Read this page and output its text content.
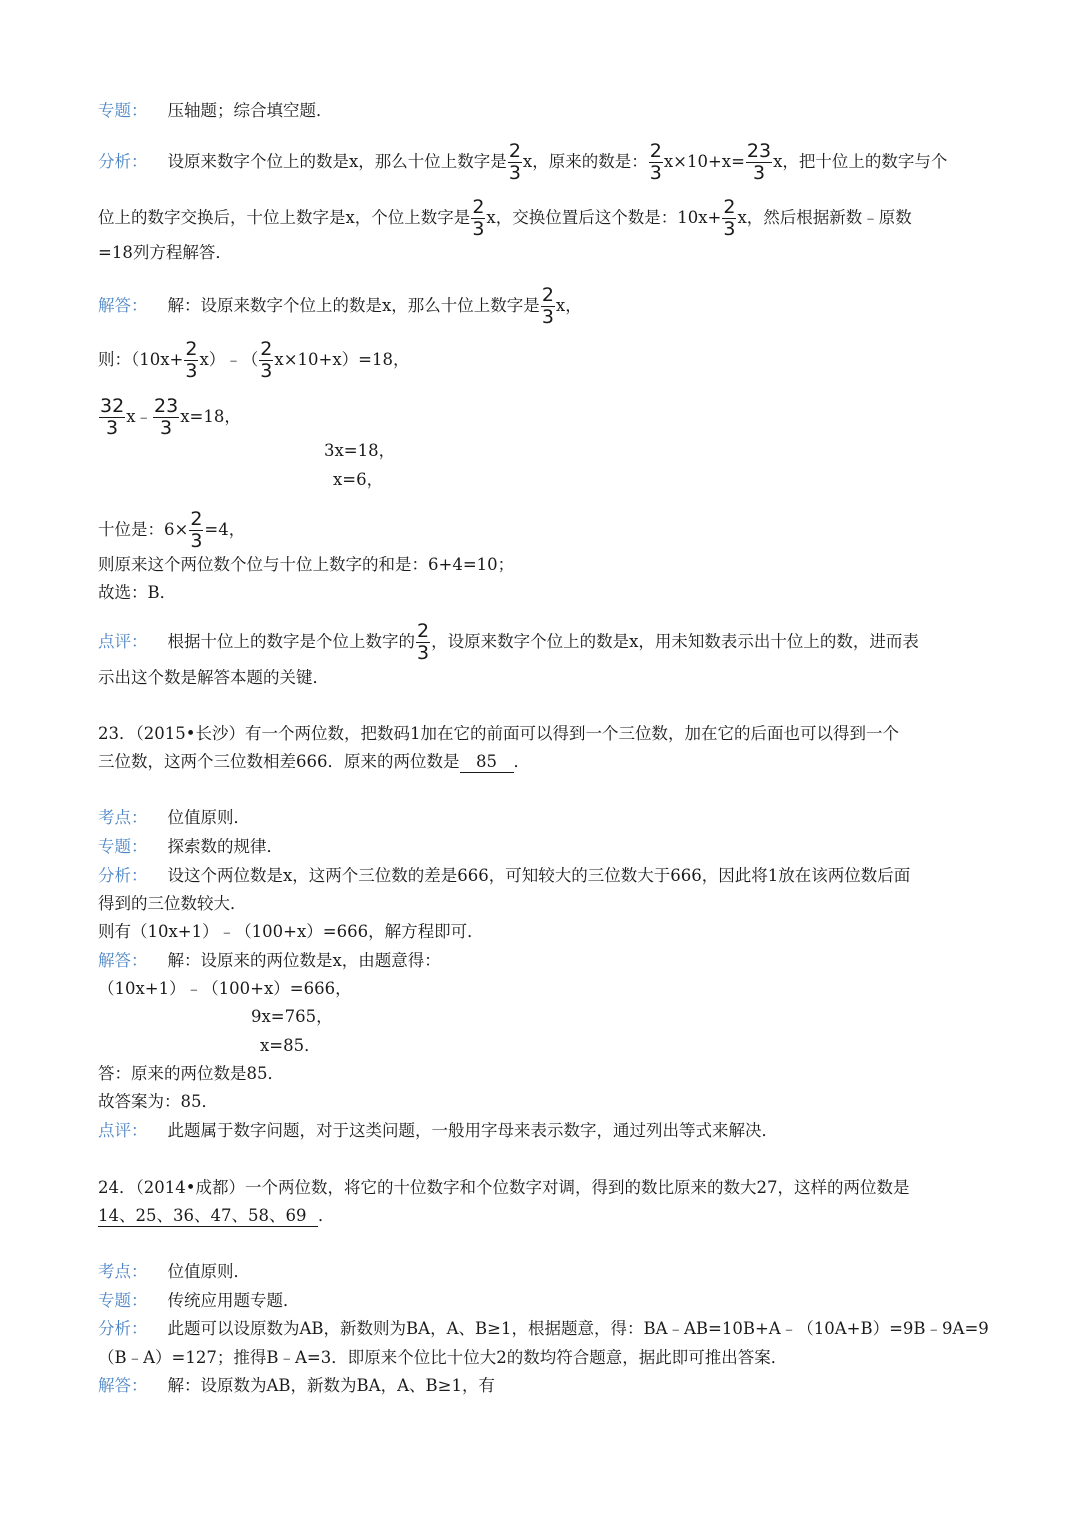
专题： 压轴题；综合填空题．
分析： 设原来数字个位上的数是x，那么十位上数字是 $\frac{2}{3}$ x，原来的数是： $\frac{2}{3} x\times 10+x= \frac{23}{3}$ x，把十位上的数字与个
位上的数字交换后，十位上数字是x，个位上数字是 $\frac{2}{3}$ x，交换位置后这个数是：$10x+ \frac{2}{3}$ x，然后根据新数﹣原数
=18列方程解答．
解答： 解：设原来数字个位上的数是x，那么十位上数字是 $\frac{2}{3}$ x，
则：（$10x+ \frac{2}{3}$ x）﹣（ $\frac{2}{3} x\times 10+x)=18$，
$\frac{32}{3}$ x﹣ $\frac{23}{3} x=18$，
3x=18，
x=6，
十位是：$6\times \frac{2}{3} =4$，
则原来这个两位数个位与十位上数字的和是：6+4=10；
故选：B．
点评： 根据十位上的数字是个位上数字的 $\frac{2}{3}$ ，设原来数字个位上的数是x，用未知数表示出十位上的数，进而表
示出这个数是解答本题的关键．
23．（2015•长沙）有一个两位数，把数码1加在它的前面可以得到一个三位数，加在它的后面也可以得到一个
三位数，这两个三位数相差666．原来的两位数是 85 ．
考点： 位值原则．
专题： 探索数的规律．
分析： 设这个两位数是x，这两个三位数的差是666，可知较大的三位数大于666，因此将1放在该两位数后面
得到的三位数较大．
则有（10x+1）﹣（100+x）=666，解方程即可．
解答： 解：设原来的两位数是x，由题意得：
（10x+1）﹣（100+x）=666，
9x=765，
x=85．
答：原来的两位数是85．
故答案为：85．
点评： 此题属于数字问题，对于这类问题，一般用字母来表示数字，通过列出等式来解决．
24．（2014•成都）一个两位数，将它的十位数字和个位数字对调，得到的数比原来的数大27，这样的两位数是
14、25、36、47、58、69 ．
考点： 位值原则．
专题： 传统应用题专题．
分析： 此题可以设原数为AB，新数则为BA，A、B≥1，根据题意，得：BA﹣AB=10B+A﹣（10A+B）=9B﹣9A=9
（B﹣A）=127；推得B﹣A=3．即原来个位比十位大2的数均符合题意，据此即可推出答案．
解答： 解：设原数为AB，新数为BA，A、B≥1，有
